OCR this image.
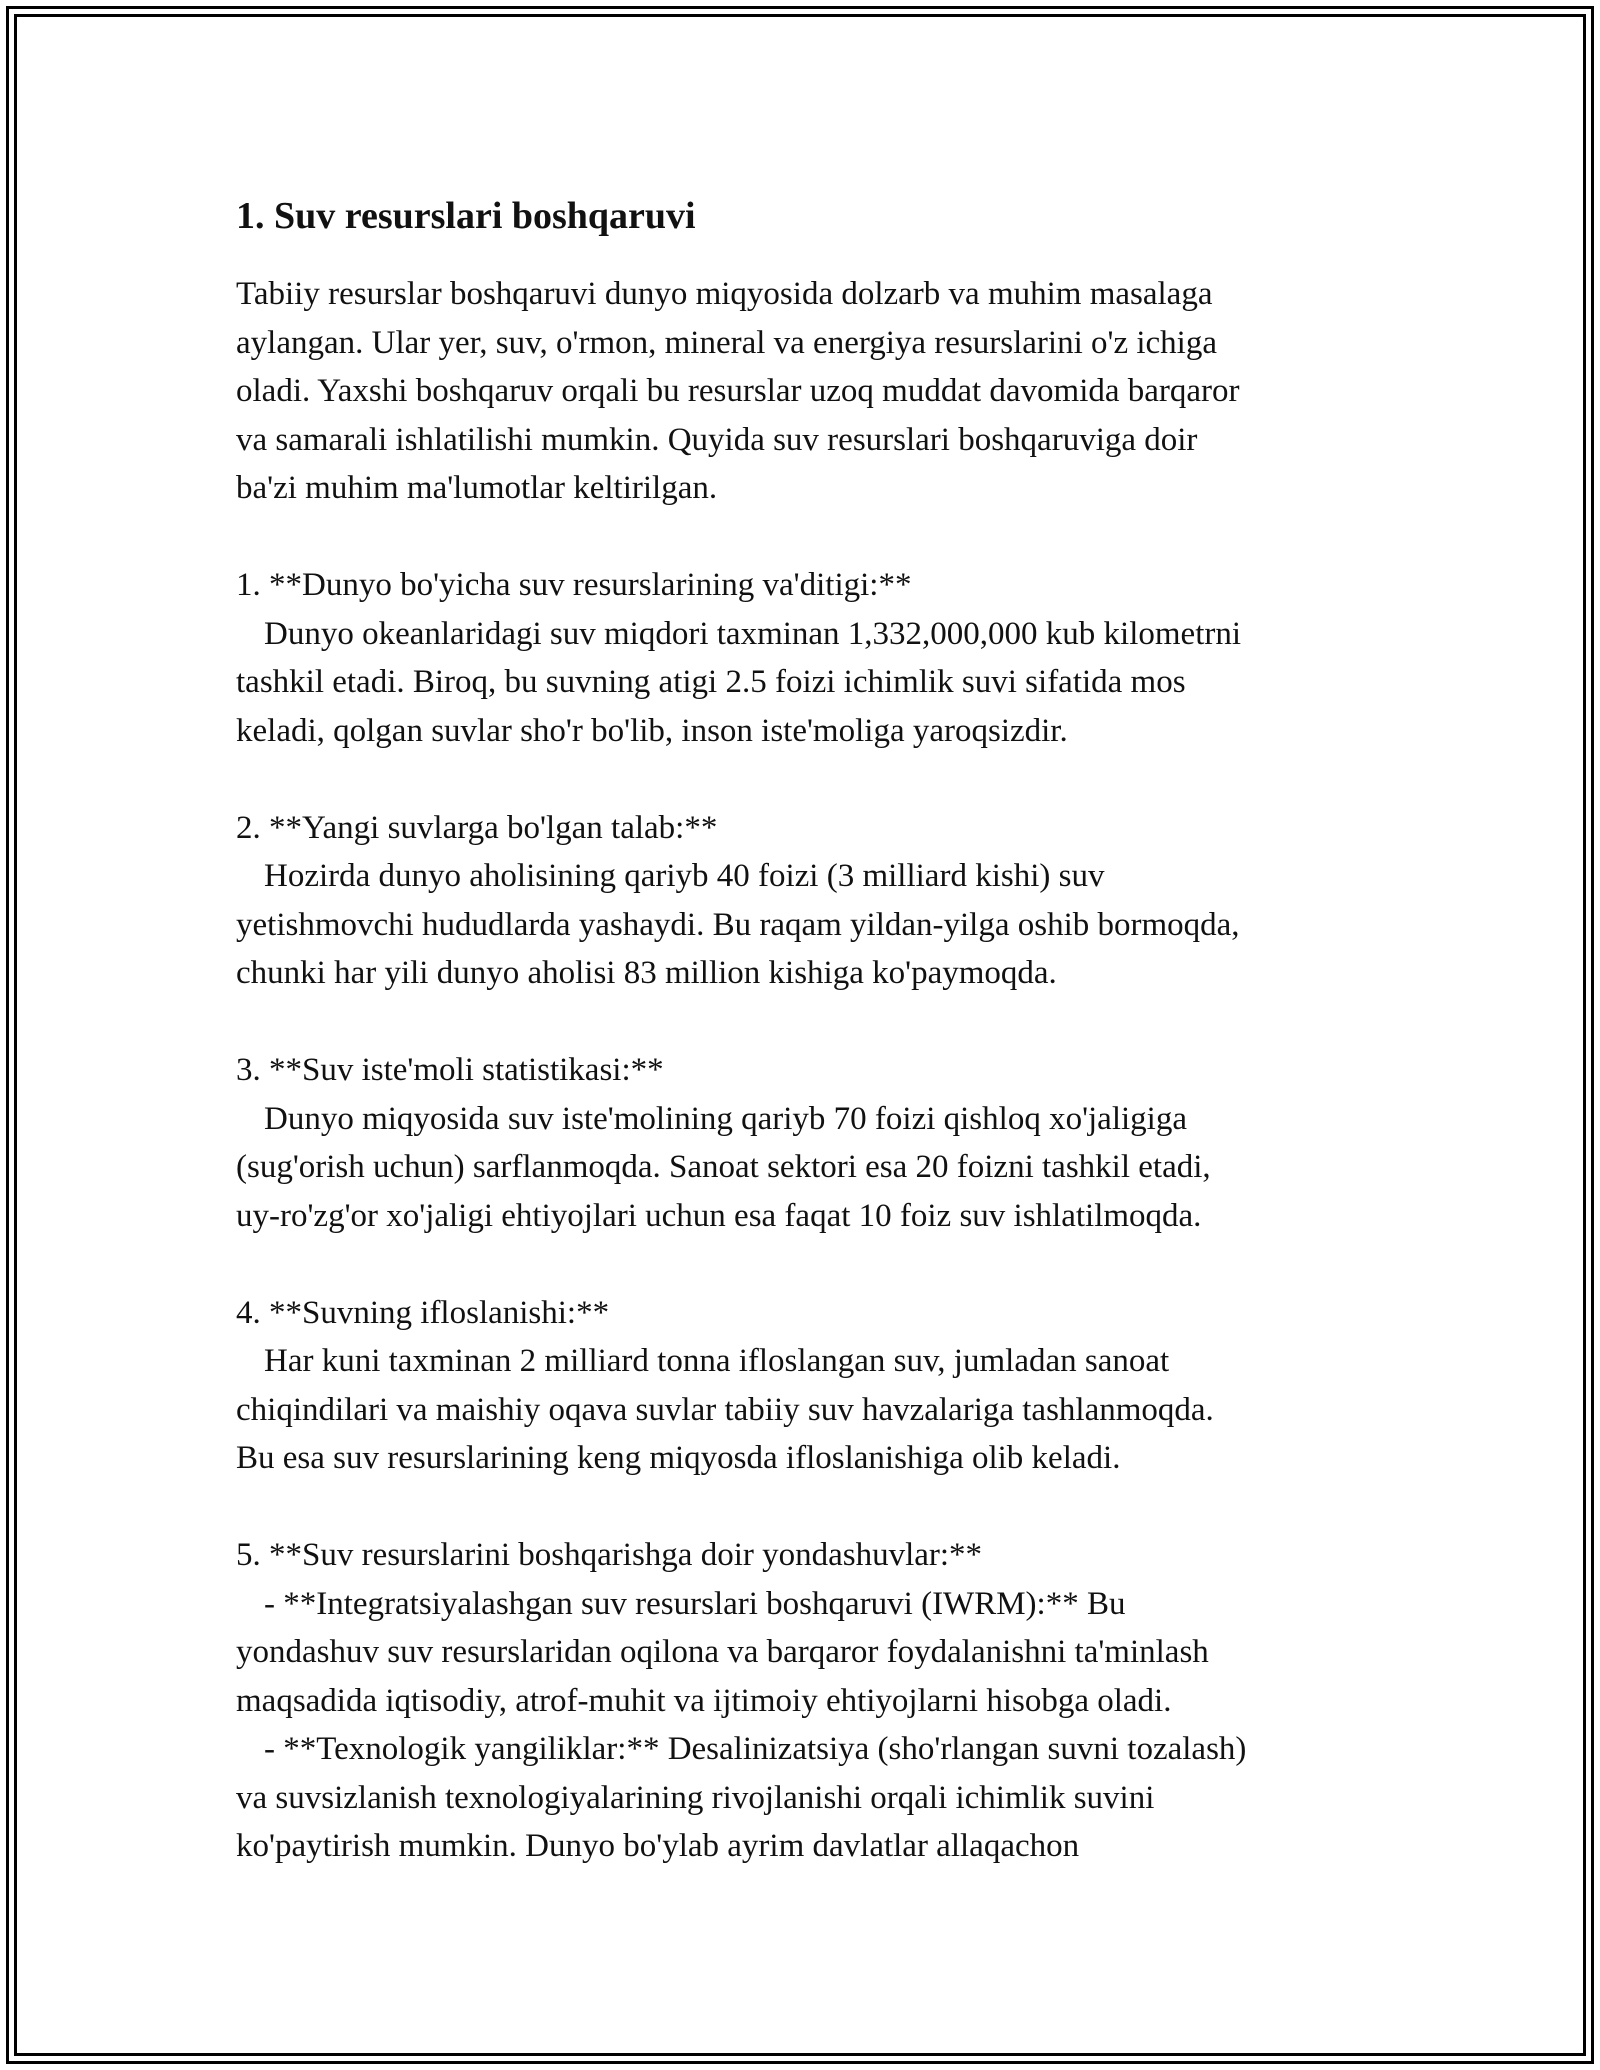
1. Suv resurslari boshqaruvi
Tabiiy resurslar boshqaruvi dunyo miqyosida dolzarb va muhim masalaga
aylangan. Ular yer, suv, o'rmon, mineral va energiya resurslarini o'z ichiga
oladi. Yaxshi boshqaruv orqali bu resurslar uzoq muddat davomida barqaror
va samarali ishlatilishi mumkin. Quyida suv resurslari boshqaruviga doir
ba'zi muhim ma'lumotlar keltirilgan.
1. **Dunyo bo'yicha suv resurslarining va'ditigi:**
Dunyo okeanlaridagi suv miqdori taxminan 1,332,000,000 kub kilometrni
tashkil etadi. Biroq, bu suvning atigi 2.5 foizi ichimlik suvi sifatida mos
keladi, qolgan suvlar sho'r bo'lib, inson iste'moliga yaroqsizdir.
2. **Yangi suvlarga bo'lgan talab:**
Hozirda dunyo aholisining qariyb 40 foizi (3 milliard kishi) suv
yetishmovchi hududlarda yashaydi. Bu raqam yildan-yilga oshib bormoqda,
chunki har yili dunyo aholisi 83 million kishiga ko'paymoqda.
3. **Suv iste'moli statistikasi:**
Dunyo miqyosida suv iste'molining qariyb 70 foizi qishloq xo'jaligiga
(sug'orish uchun) sarflanmoqda. Sanoat sektori esa 20 foizni tashkil etadi,
uy-ro'zg'or xo'jaligi ehtiyojlari uchun esa faqat 10 foiz suv ishlatilmoqda.
4. **Suvning ifloslanishi:**
Har kuni taxminan 2 milliard tonna ifloslangan suv, jumladan sanoat
chiqindilari va maishiy oqava suvlar tabiiy suv havzalariga tashlanmoqda.
Bu esa suv resurslarining keng miqyosda ifloslanishiga olib keladi.
5. **Suv resurslarini boshqarishga doir yondashuvlar:**
- **Integratsiyalashgan suv resurslari boshqaruvi (IWRM):** Bu
yondashuv suv resurslaridan oqilona va barqaror foydalanishni ta'minlash
maqsadida iqtisodiy, atrof-muhit va ijtimoiy ehtiyojlarni hisobga oladi.
- **Texnologik yangiliklar:** Desalinizatsiya (sho'rlangan suvni tozalash)
va suvsizlanish texnologiyalarining rivojlanishi orqali ichimlik suvini
ko'paytirish mumkin. Dunyo bo'ylab ayrim davlatlar allaqachon
